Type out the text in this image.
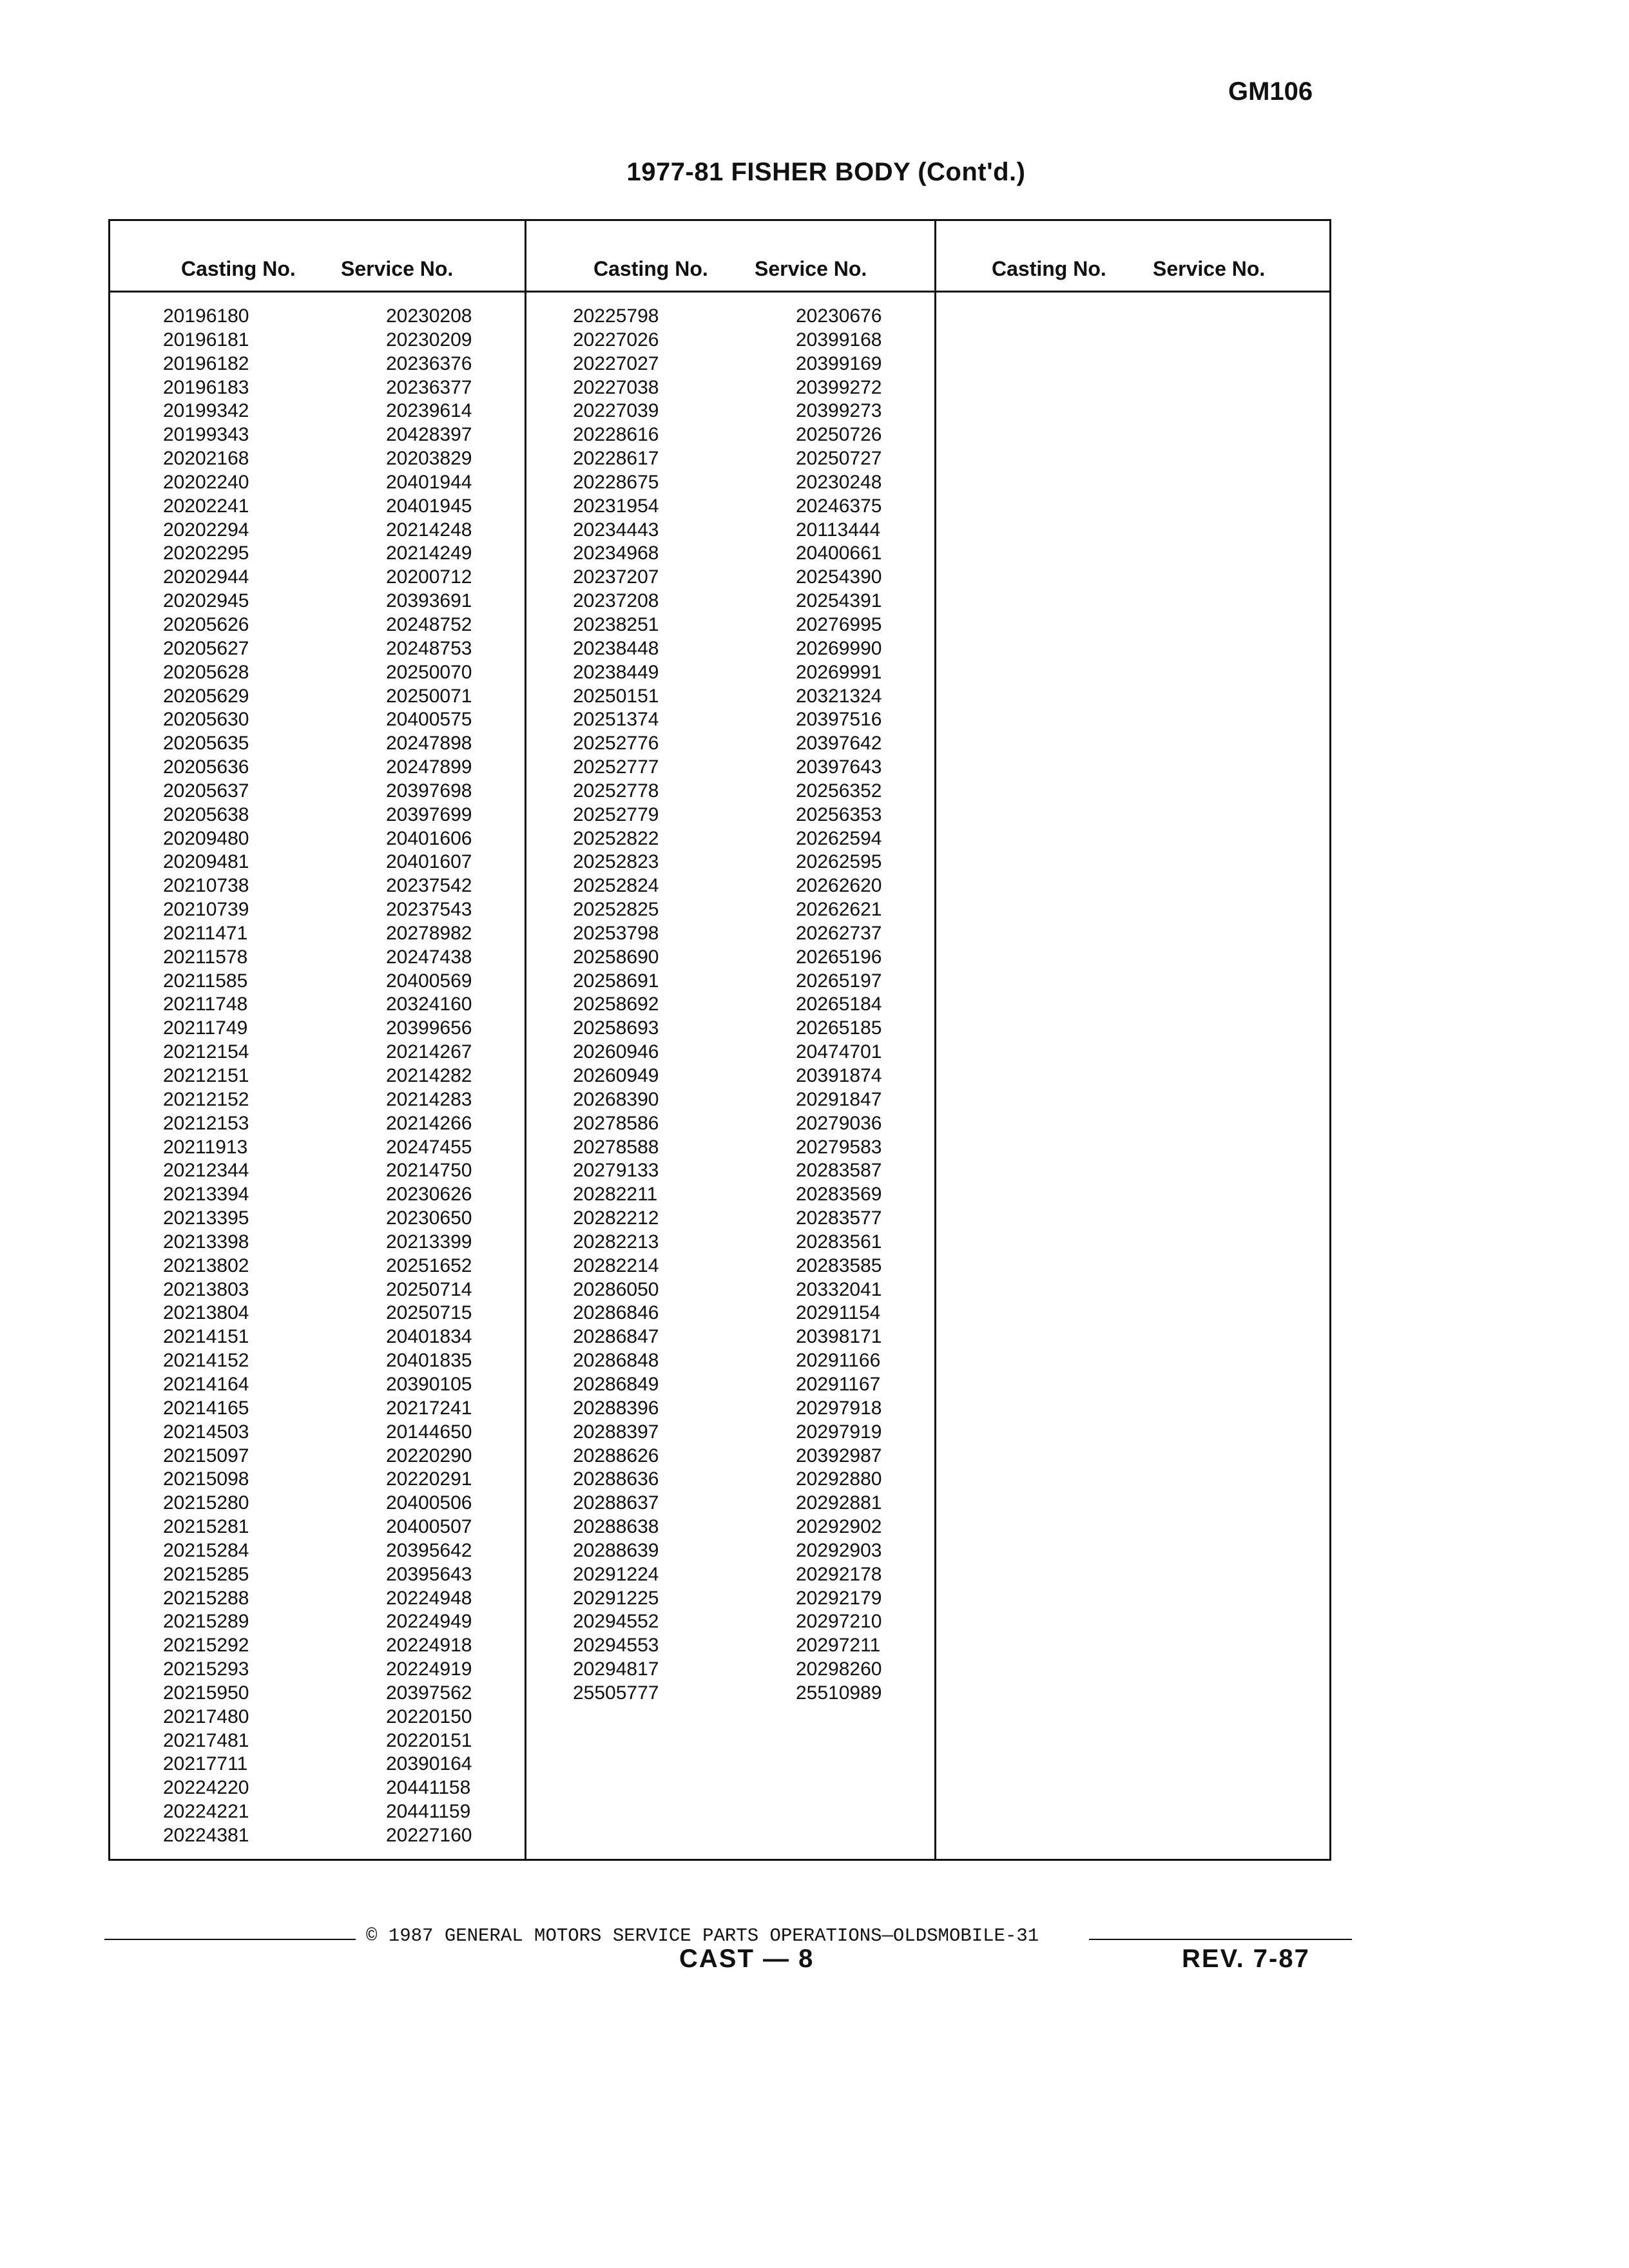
GM106
1977-81 FISHER BODY (Cont'd.)
Casting No. Service No.	Casting No. Service No.	Casting No. Service No.
20196180	20230208
20196181	20230209
20196182	20236376
20196183	20236377
20199342	20239614
20199343	20428397
20202168	20203829
20202240	20401944
20202241	20401945
20202294	20214248
20202295	20214249
20202944	20200712
20202945	20393691
20205626	20248752
20205627	20248753
20205628	20250070
20205629	20250071
20205630	20400575
20205635	20247898
20205636	20247899
20205637	20397698
20205638	20397699
20209480	20401606
20209481	20401607
20210738	20237542
20210739	20237543
20211471	20278982
20211578	20247438
20211585	20400569
20211748	20324160
20211749	20399656
20212154	20214267
20212151	20214282
20212152	20214283
20212153	20214266
20211913	20247455
20212344	20214750
20213394	20230626
20213395	20230650
20213398	20213399
20213802	20251652
20213803	20250714
20213804	20250715
20214151	20401834
20214152	20401835
20214164	20390105
20214165	20217241
20214503	20144650
20215097	20220290
20215098	20220291
20215280	20400506
20215281	20400507
20215284	20395642
20215285	20395643
20215288	20224948
20215289	20224949
20215292	20224918
20215293	20224919
20215950	20397562
20217480	20220150
20217481	20220151
20217711	20390164
20224220	20441158
20224221	20441159
20224381	20227160
20225798	20230676
20227026	20399168
20227027	20399169
20227038	20399272
20227039	20399273
20228616	20250726
20228617	20250727
20228675	20230248
20231954	20246375
20234443	20113444
20234968	20400661
20237207	20254390
20237208	20254391
20238251	20276995
20238448	20269990
20238449	20269991
20250151	20321324
20251374	20397516
20252776	20397642
20252777	20397643
20252778	20256352
20252779	20256353
20252822	20262594
20252823	20262595
20252824	20262620
20252825	20262621
20253798	20262737
20258690	20265196
20258691	20265197
20258692	20265184
20258693	20265185
20260946	20474701
20260949	20391874
20268390	20291847
20278586	20279036
20278588	20279583
20279133	20283587
20282211	20283569
20282212	20283577
20282213	20283561
20282214	20283585
20286050	20332041
20286846	20291154
20286847	20398171
20286848	20291166
20286849	20291167
20288396	20297918
20288397	20297919
20288626	20392987
20288636	20292880
20288637	20292881
20288638	20292902
20288639	20292903
20291224	20292178
20291225	20292179
20294552	20297210
20294553	20297211
20294817	20298260
25505777	25510989
© 1987 GENERAL MOTORS SERVICE PARTS OPERATIONS—OLDSMOBILE-31
CAST — 8	REV. 7-87
